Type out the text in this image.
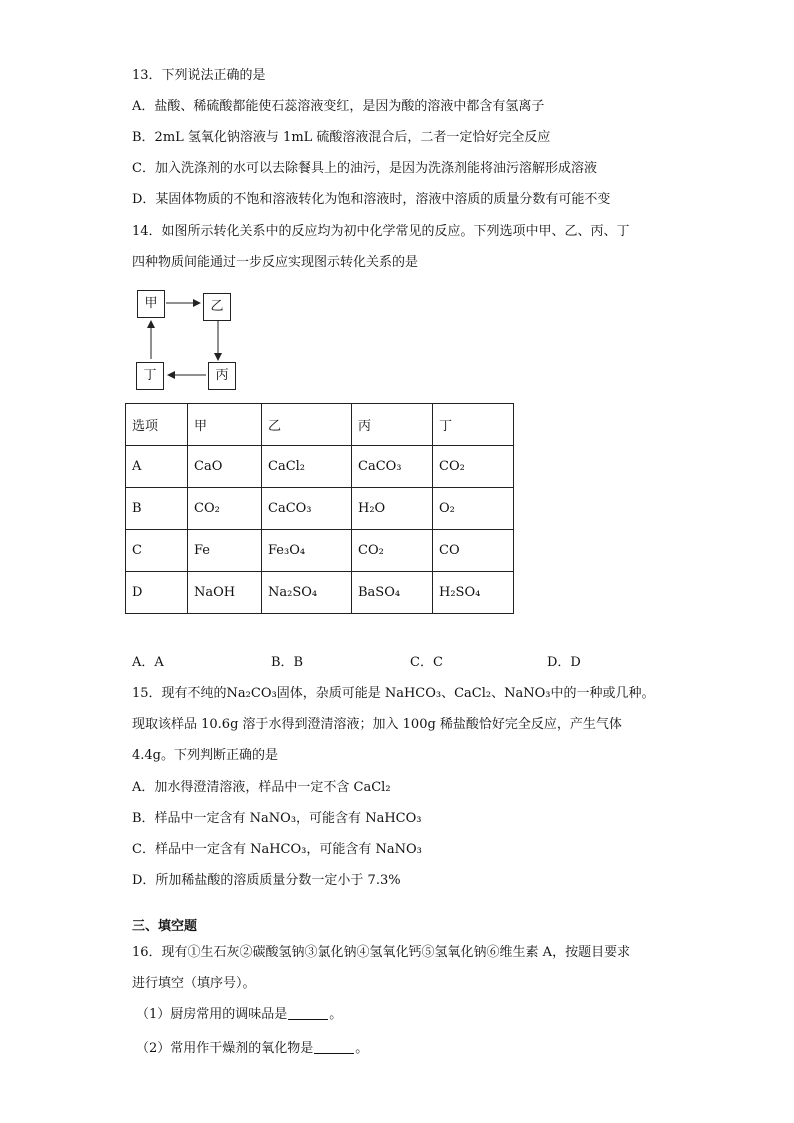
13．下列说法正确的是
A．盐酸、稀硫酸都能使石蕊溶液变红，是因为酸的溶液中都含有氢离子
B．2mL 氢氧化钠溶液与 1mL 硫酸溶液混合后，二者一定恰好完全反应
C．加入洗涤剂的水可以去除餐具上的油污，是因为洗涤剂能将油污溶解形成溶液
D．某固体物质的不饱和溶液转化为饱和溶液时，溶液中溶质的质量分数有可能不变
14．如图所示转化关系中的反应均为初中化学常见的反应。下列选项中甲、乙、丙、丁
四种物质间能通过一步反应实现图示转化关系的是
甲	乙
丙
丁
选项	甲	乙	丙	丁
A	CaO	CaCl₂	CaCO₃	CO₂
B	CO₂	CaCO₃	H₂O	O₂
C	Fe	Fe₃O₄	CO₂	CO
D	NaOH	Na₂SO₄	BaSO₄	H₂SO₄
A．A	B．B	C．C	D．D
15．现有不纯的Na₂CO₃固体，杂质可能是 NaHCO₃、CaCl₂、NaNO₃中的一种或几种。
现取该样品 10.6g 溶于水得到澄清溶液；加入 100g 稀盐酸恰好完全反应，产生气体
4.4g。下列判断正确的是
A．加水得澄清溶液，样品中一定不含 CaCl₂
B．样品中一定含有 NaNO₃，可能含有 NaHCO₃
C．样品中一定含有 NaHCO₃，可能含有 NaNO₃
D．所加稀盐酸的溶质质量分数一定小于 7.3%
三、填空题
16．现有①生石灰②碳酸氢钠③氯化钠④氢氧化钙⑤氢氧化钠⑥维生素 A，按题目要求
进行填空（填序号）。
（1）厨房常用的调味品是	。
（2）常用作干燥剂的氧化物是	。
